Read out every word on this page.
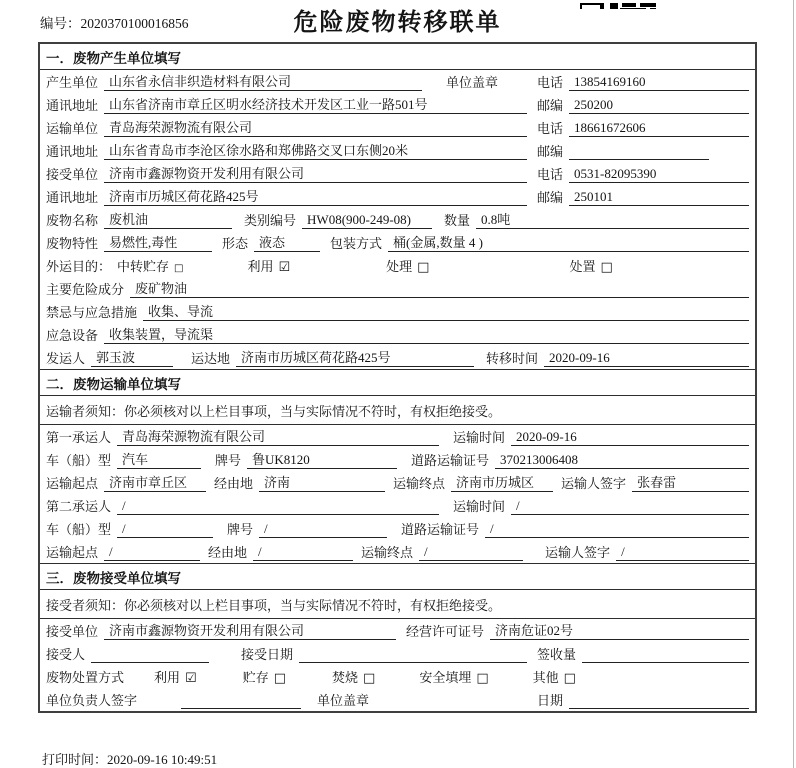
编号：2020370100016856	危险废物转移联单
一．废物产生单位填写
产生单位 山东省永信非织造材料有限公司	单位盖章	电话 13854169160
通讯地址 山东省济南市章丘区明水经济技术开发区工业一路501号	邮编 250200
运输单位 青岛海荣源物流有限公司	电话 18661672606
通讯地址 山东省青岛市李沧区徐水路和郑佛路交叉口东侧20米	邮编
接受单位 济南市鑫源物资开发利用有限公司	电话 0531-82095390
通讯地址 济南市历城区荷花路425号	邮编 250101
废物名称 废机油	类别编号 HW08(900-249-08)	数量 0.8吨
废物特性 易燃性,毒性	形态 液态	包装方式 桶(金属,数量 4 )
外运目的： 中转贮存 □	利用 ☑	处理 □	处置 □
主要危险成分 废矿物油
禁忌与应急措施 收集、导流
应急设备 收集装置，导流渠
发运人 郭玉波	运达地 济南市历城区荷花路425号	转移时间 2020-09-16
二．废物运输单位填写
运输者须知：你必须核对以上栏目事项，当与实际情况不符时，有权拒绝接受。
第一承运人 青岛海荣源物流有限公司	运输时间 2020-09-16
车（船）型 汽车	牌号 鲁UK8120	道路运输证号 370213006408
运输起点 济南市章丘区	经由地 济南	运输终点 济南市历城区	运输人签字 张春雷
第二承运人 /	运输时间 /
车（船）型 /	牌号 /	道路运输证号 /
运输起点 /	经由地 /	运输终点 /	运输人签字 /
三．废物接受单位填写
接受者须知：你必须核对以上栏目事项，当与实际情况不符时，有权拒绝接受。
接受单位 济南市鑫源物资开发利用有限公司	经营许可证号 济南危证02号
接受人	接受日期	签收量
废物处置方式 利用 ☑	贮存 □	焚烧 □	安全填埋 □	其他 □
单位负责人签字	单位盖章	日期
打印时间：2020-09-16 10:49:51
